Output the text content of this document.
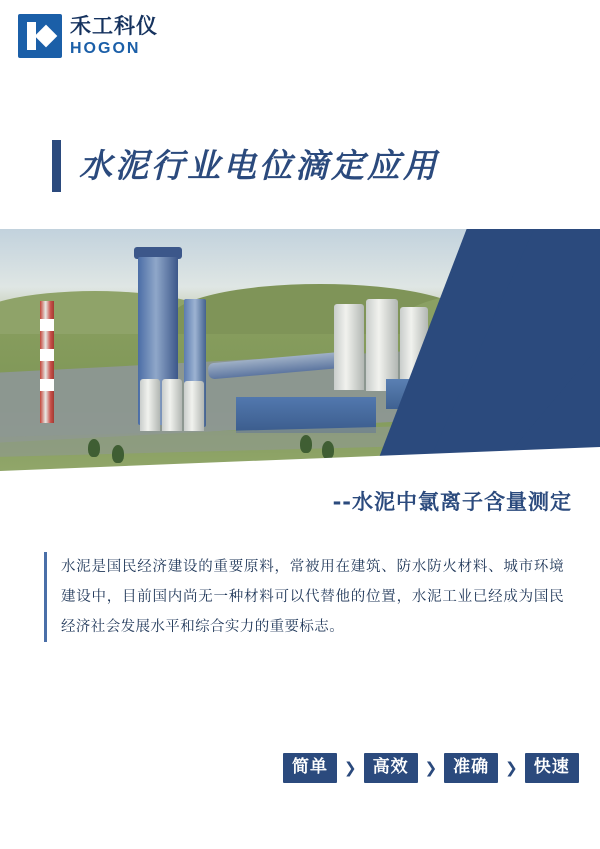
禾工科仪
HOGON
水泥行业电位滴定应用
--水泥中氯离子含量测定
水泥是国民经济建设的重要原料，常被用在建筑、防水防火材料、城市环境建设中，目前国内尚无一种材料可以代替他的位置，水泥工业已经成为国民经济社会发展水平和综合实力的重要标志。
简单	❯ 高效	❯ 准确	❯ 快速
